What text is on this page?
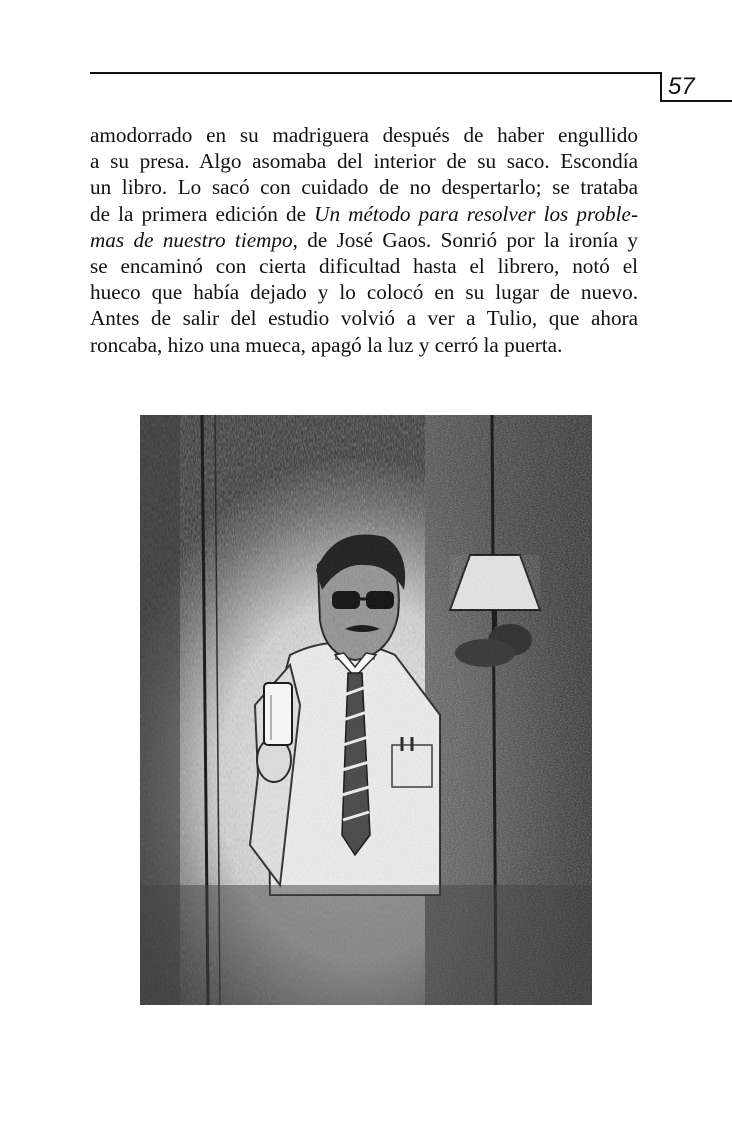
57

amodorrado en su madriguera después de haber engullido
a su presa. Algo asomaba del interior de su saco. Escondía
un libro. Lo sacó con cuidado de no despertarlo; se trataba
de la primera edición de Un método para resolver los proble-
mas de nuestro tiempo, de José Gaos. Sonrió por la ironía y
se encaminó con cierta dificultad hasta el librero, notó el
hueco que había dejado y lo colocó en su lugar de nuevo.
Antes de salir del estudio volvió a ver a Tulio, que ahora
roncaba, hizo una mueca, apagó la luz y cerró la puerta.
